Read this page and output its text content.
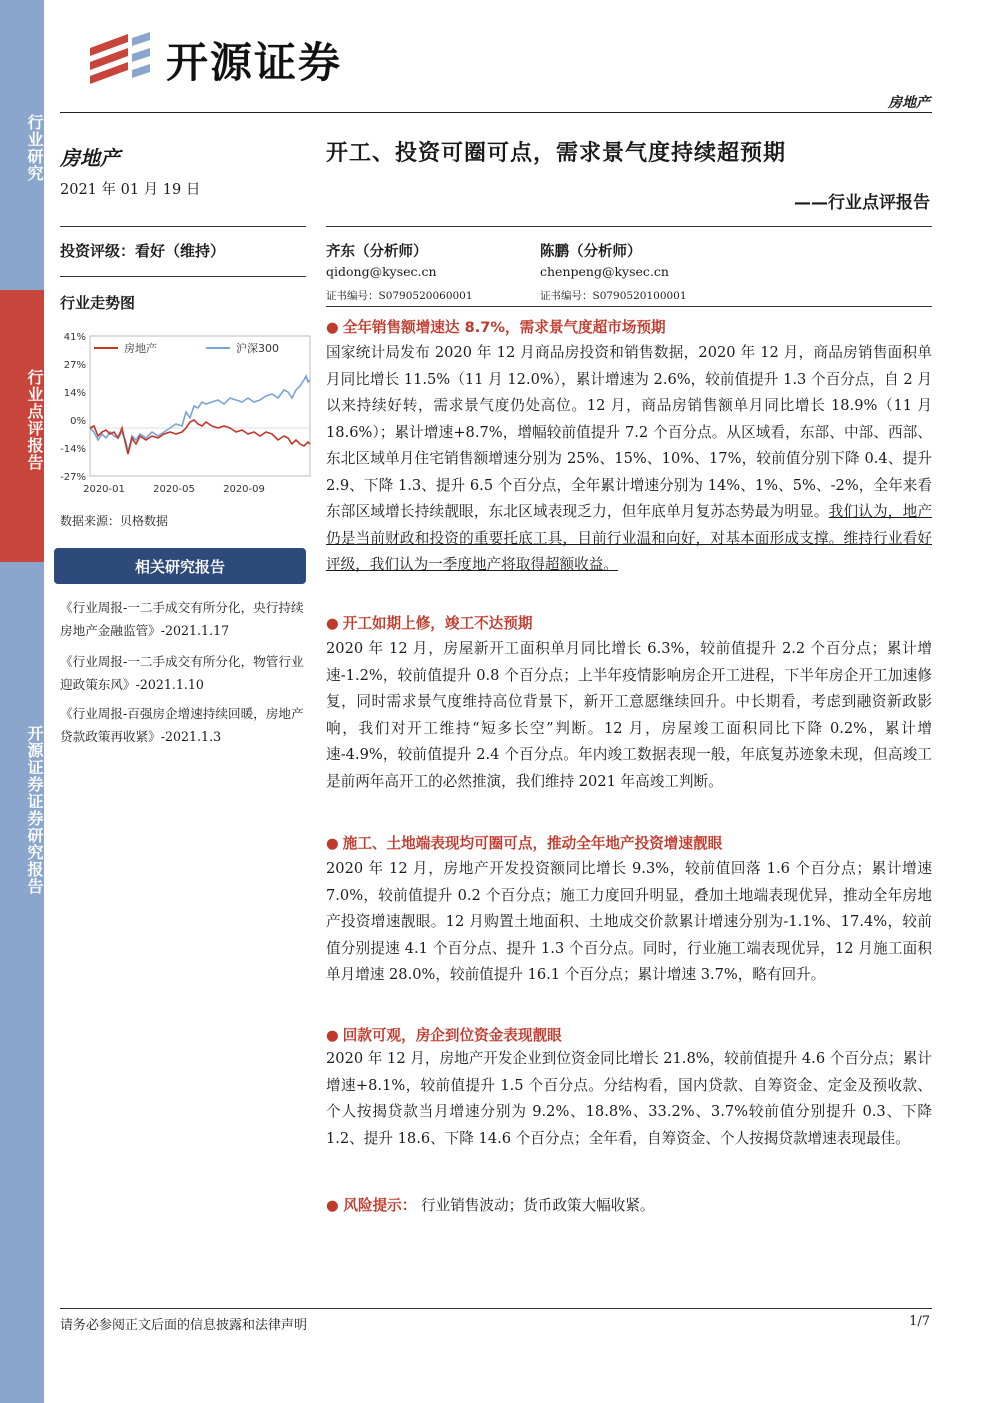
行业研究
行业点评报告
开源证券证券研究报告
开源证券
房地产
房地产
2021 年 01 月 19 日
投资评级：看好（维持）
行业走势图
41%
27%
14%
0%
-14%
-27%
2020-01	2020-05	2020-09
房地产	沪深300
数据来源：贝格数据
相关研究报告
《行业周报-一二手成交有所分化，央行持续房地产金融监管》-2021.1.17
《行业周报-一二手成交有所分化，物管行业迎政策东风》-2021.1.10
《行业周报-百强房企增速持续回暖，房地产贷款政策再收紧》-2021.1.3
开工、投资可圈可点，需求景气度持续超预期
——行业点评报告
齐东（分析师）
qidong@kysec.cn
证书编号：S0790520060001
陈鹏（分析师）
chenpeng@kysec.cn
证书编号：S0790520100001
● 全年销售额增速达 8.7%，需求景气度超市场预期
国家统计局发布 2020 年 12 月商品房投资和销售数据，2020 年 12 月，商品房销售面积单月同比增长 11.5%（11 月 12.0%），累计增速为 2.6%，较前值提升 1.3 个百分点，自 2 月以来持续好转，需求景气度仍处高位。12 月，商品房销售额单月同比增长 18.9%（11 月 18.6%）；累计增速+8.7%，增幅较前值提升 7.2 个百分点。从区域看，东部、中部、西部、东北区域单月住宅销售额增速分别为 25%、15%、10%、17%，较前值分别下降 0.4、提升 2.9、下降 1.3、提升 6.5 个百分点，全年累计增速分别为 14%、1%、5%、-2%，全年来看东部区域增长持续靓眼，东北区域表现乏力，但年底单月复苏态势最为明显。我们认为，地产仍是当前财政和投资的重要托底工具，目前行业温和向好，对基本面形成支撑。维持行业看好评级，我们认为一季度地产将取得超额收益。
● 开工如期上修，竣工不达预期
2020 年 12 月，房屋新开工面积单月同比增长 6.3%，较前值提升 2.2 个百分点；累计增速-1.2%，较前值提升 0.8 个百分点；上半年疫情影响房企开工进程，下半年房企开工加速修复，同时需求景气度维持高位背景下，新开工意愿继续回升。中长期看，考虑到融资新政影响，我们对开工维持“短多长空”判断。12 月，房屋竣工面积同比下降 0.2%，累计增速-4.9%，较前值提升 2.4 个百分点。年内竣工数据表现一般，年底复苏迹象未现，但高竣工是前两年高开工的必然推演，我们维持 2021 年高竣工判断。
● 施工、土地端表现均可圈可点，推动全年地产投资增速靓眼
2020 年 12 月，房地产开发投资额同比增长 9.3%，较前值回落 1.6 个百分点；累计增速 7.0%，较前值提升 0.2 个百分点；施工力度回升明显，叠加土地端表现优异，推动全年房地产投资增速靓眼。12 月购置土地面积、土地成交价款累计增速分别为-1.1%、17.4%，较前值分别提速 4.1 个百分点、提升 1.3 个百分点。同时，行业施工端表现优异，12 月施工面积单月增速 28.0%，较前值提升 16.1 个百分点；累计增速 3.7%，略有回升。
● 回款可观，房企到位资金表现靓眼
2020 年 12 月，房地产开发企业到位资金同比增长 21.8%，较前值提升 4.6 个百分点；累计增速+8.1%，较前值提升 1.5 个百分点。分结构看，国内贷款、自筹资金、定金及预收款、个人按揭贷款当月增速分别为 9.2%、18.8%、33.2%、3.7%较前值分别提升 0.3、下降 1.2、提升 18.6、下降 14.6 个百分点；全年看，自筹资金、个人按揭贷款增速表现最佳。
● 风险提示： 行业销售波动；货币政策大幅收紧。
请务必参阅正文后面的信息披露和法律声明	1/7
